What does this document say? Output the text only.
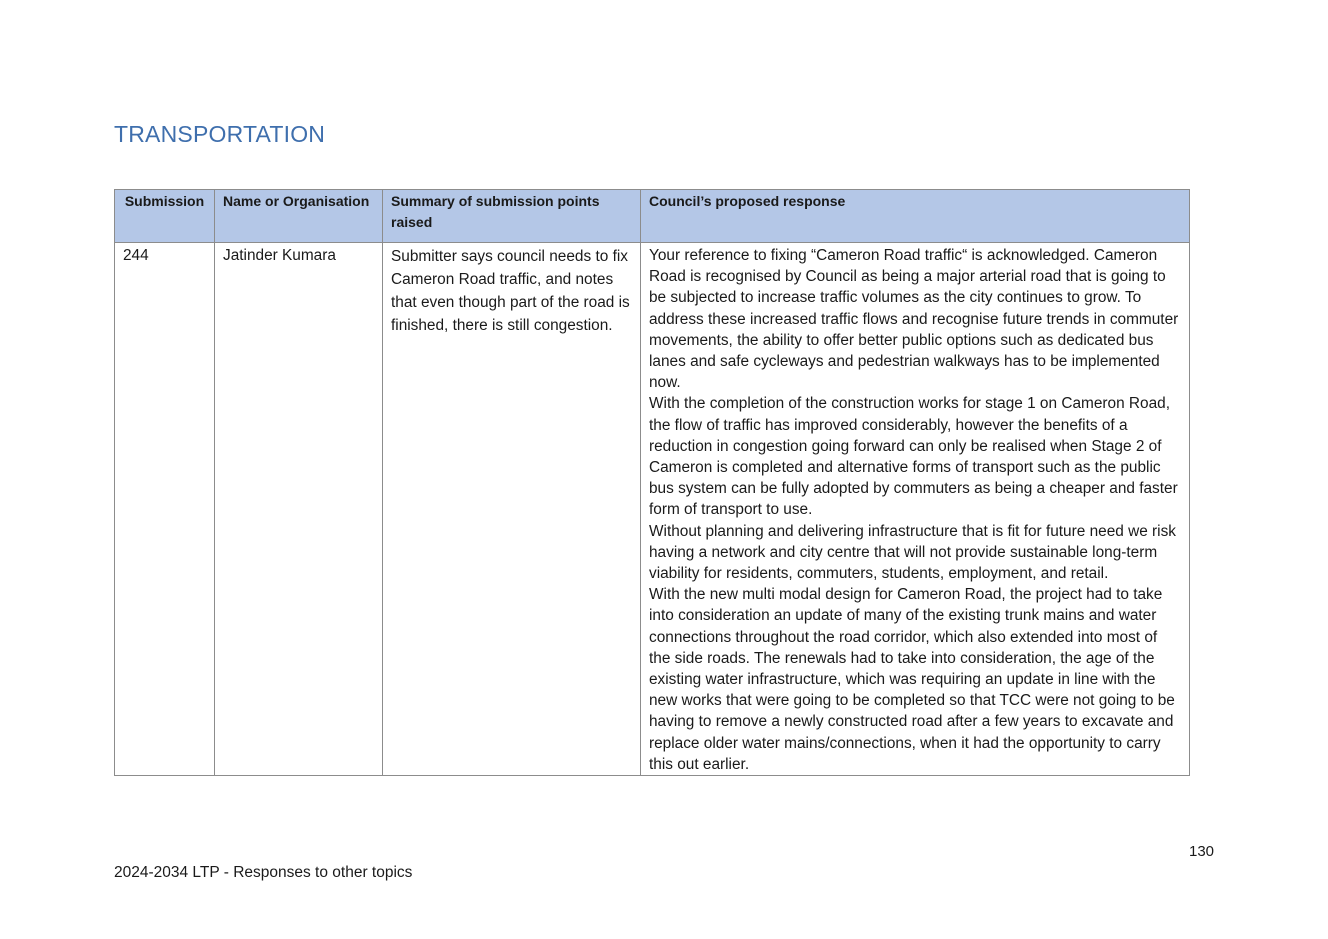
TRANSPORTATION
Submission	Name or Organisation	Summary of submission points raised	Council’s proposed response
244	Jatinder Kumara	Submitter says council needs to fix Cameron Road traffic, and notes that even though part of the road is finished, there is still congestion.	Your reference to fixing “Cameron Road traffic“ is acknowledged. Cameron Road is recognised by Council as being a major arterial road that is going to be subjected to increase traffic volumes as the city continues to grow. To address these increased traffic flows and recognise future trends in commuter movements, the ability to offer better public options such as dedicated bus lanes and safe cycleways and pedestrian walkways has to be implemented now.
With the completion of the construction works for stage 1 on Cameron Road, the flow of traffic has improved considerably, however the benefits of a reduction in congestion going forward can only be realised when Stage 2 of Cameron is completed and alternative forms of transport such as the public bus system can be fully adopted by commuters as being a cheaper and faster form of transport to use.
Without planning and delivering infrastructure that is fit for future need we risk having a network and city centre that will not provide sustainable long-term viability for residents, commuters, students, employment, and retail.
With the new multi modal design for Cameron Road, the project had to take into consideration an update of many of the existing trunk mains and water connections throughout the road corridor, which also extended into most of the side roads. The renewals had to take into consideration, the age of the existing water infrastructure, which was requiring an update in line with the new works that were going to be completed so that TCC were not going to be having to remove a newly constructed road after a few years to excavate and replace older water mains/connections, when it had the opportunity to carry this out earlier.
130
2024-2034 LTP - Responses to other topics
